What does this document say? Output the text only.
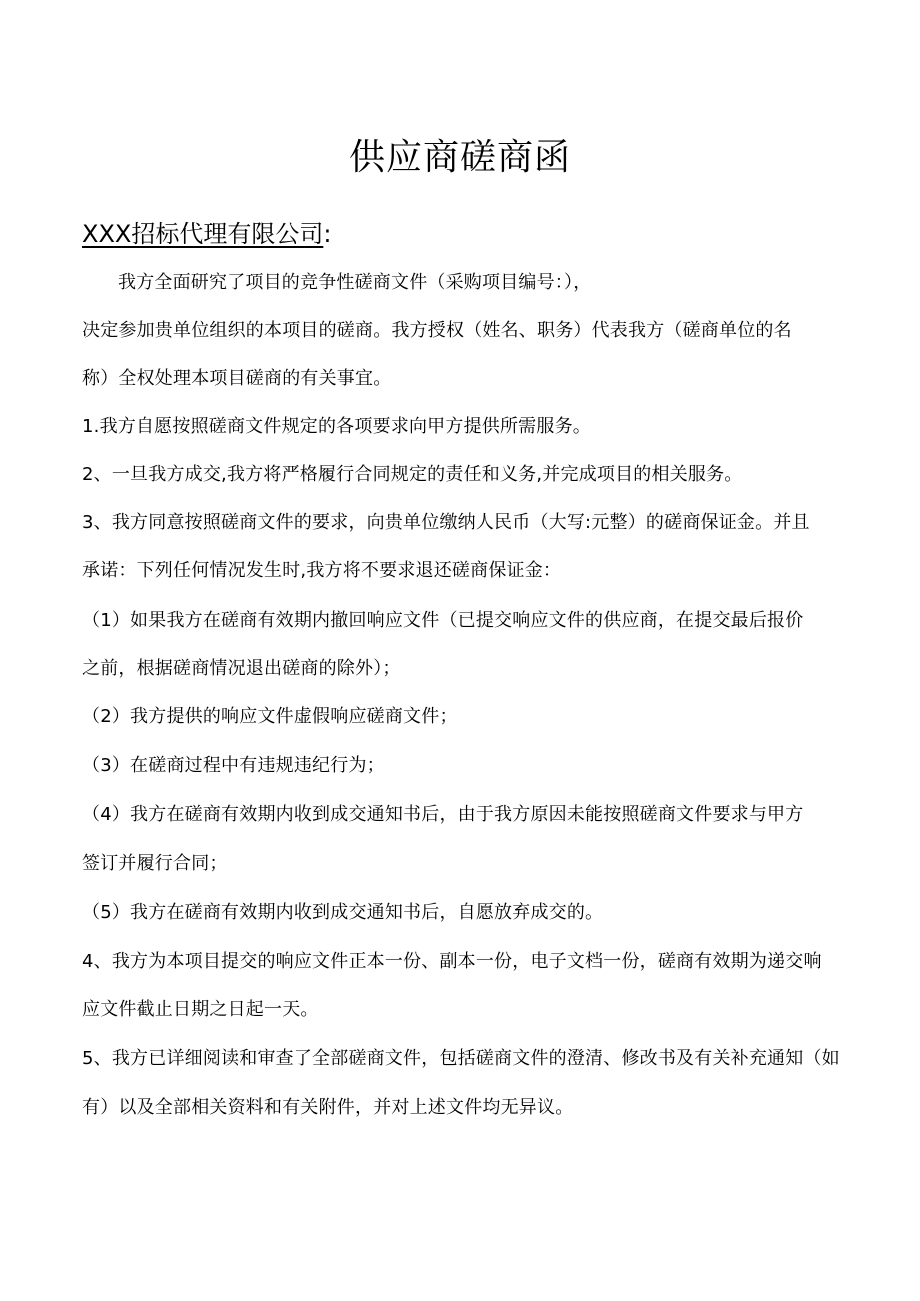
供应商磋商函
XXX招标代理有限公司:
我方全面研究了项目的竞争性磋商文件（采购项目编号：），
决定参加贵单位组织的本项目的磋商。我方授权（姓名、职务）代表我方（磋商单位的名
称）全权处理本项目磋商的有关事宜。
1.我方自愿按照磋商文件规定的各项要求向甲方提供所需服务。
2、一旦我方成交,我方将严格履行合同规定的责任和义务,并完成项目的相关服务。
3、我方同意按照磋商文件的要求，向贵单位缴纳人民币（大写:元整）的磋商保证金。并且
承诺：下列任何情况发生时,我方将不要求退还磋商保证金：
（1）如果我方在磋商有效期内撤回响应文件（已提交响应文件的供应商，在提交最后报价
之前，根据磋商情况退出磋商的除外）；
（2）我方提供的响应文件虚假响应磋商文件；
（3）在磋商过程中有违规违纪行为；
（4）我方在磋商有效期内收到成交通知书后，由于我方原因未能按照磋商文件要求与甲方
签订并履行合同；
（5）我方在磋商有效期内收到成交通知书后，自愿放弃成交的。
4、我方为本项目提交的响应文件正本一份、副本一份，电子文档一份，磋商有效期为递交响
应文件截止日期之日起一天。
5、我方已详细阅读和审查了全部磋商文件，包括磋商文件的澄清、修改书及有关补充通知（如
有）以及全部相关资料和有关附件，并对上述文件均无异议。
